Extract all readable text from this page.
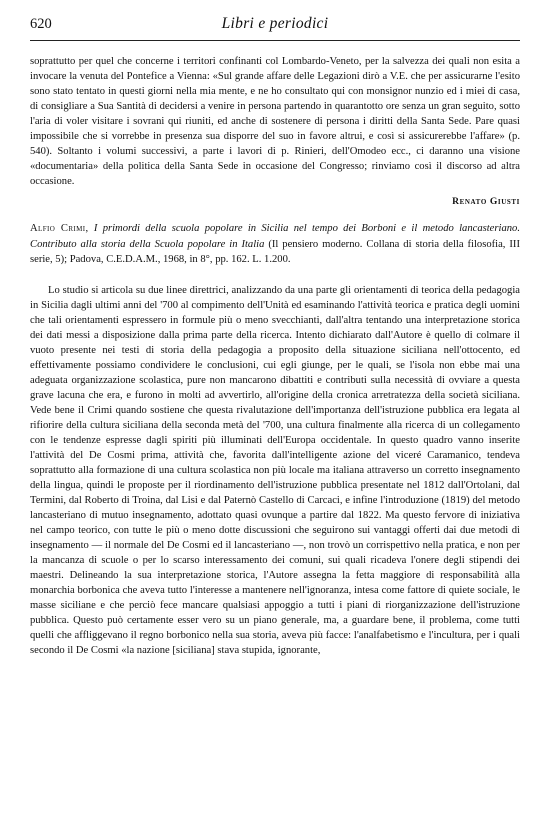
620	Libri e periodici

soprattutto per quel che concerne i territori confinanti col Lombardo-Veneto, per la salvezza dei quali non esita a invocare la venuta del Pontefice a Vienna: «Sul grande affare delle Legazioni dirò a V.E. che per assicurarne l'esito sono stato tentato in questi giorni nella mia mente, e ne ho consultato qui con monsignor nunzio ed i miei di casa, di consigliare a Sua Santità di decidersi a venire in persona partendo in quarantotto ore senza un gran seguito, sotto l'aria di voler visitare i sovrani qui riuniti, ed anche di sostenere di persona i diritti della Santa Sede. Pare quasi impossibile che si vorrebbe in presenza sua disporre del suo in favore altrui, e così si assicurerebbe l'affare» (p. 540). Soltanto i volumi successivi, a parte i lavori di p. Rinieri, dell'Omodeo ecc., ci daranno una visione «documentaria» della politica della Santa Sede in occasione del Congresso; rinviamo così il discorso ad altra occasione.

Renato Giusti
Alfio Crimi, I primordi della scuola popolare in Sicilia nel tempo dei Borboni e il metodo lancasteriano. Contributo alla storia della Scuola popolare in Italia (Il pensiero moderno. Collana di storia della filosofia, III serie, 5); Padova, C.E.D.A.M., 1968, in 8°, pp. 162. L. 1.200.

Lo studio si articola su due linee direttrici, analizzando da una parte gli orientamenti di teorica della pedagogia in Sicilia dagli ultimi anni del '700 al compimento dell'Unità ed esaminando l'attività teorica e pratica degli uomini che tali orientamenti espressero in formule più o meno svecchianti, dall'altra tentando una interpretazione storica dei dati messi a disposizione dalla prima parte della ricerca. Intento dichiarato dall'Autore è quello di colmare il vuoto presente nei testi di storia della pedagogia a proposito della situazione siciliana nell'ottocento, ed effettivamente possiamo condividere le conclusioni, cui egli giunge, per le quali, se l'isola non ebbe mai una adeguata organizzazione scolastica, pure non mancarono dibattiti e contributi sulla necessità di ovviare a questa grave lacuna che era, e furono in molti ad avvertirlo, all'origine della cronica arretratezza della società siciliana. Vede bene il Crimi quando sostiene che questa rivalutazione dell'importanza dell'istruzione pubblica era legata al rifiorire della cultura siciliana della seconda metà del '700, una cultura finalmente alla ricerca di un collegamento con le tendenze espresse dagli spiriti più illuminati dell'Europa occidentale. In questo quadro vanno inserite l'attività del De Cosmi prima, attività che, favorita dall'intelligente azione del viceré Caramanico, tendeva soprattutto alla formazione di una cultura scolastica non più locale ma italiana attraverso un corretto insegnamento della lingua, quindi le proposte per il riordinamento dell'istruzione pubblica presentate nel 1812 dall'Ortolani, dal Termini, dal Roberto di Troina, dal Lisi e dal Paternò Castello di Carcaci, e infine l'introduzione (1819) del metodo lancasteriano di mutuo insegnamento, adottato quasi ovunque a partire dal 1822. Ma questo fervore di iniziativa nel campo teorico, con tutte le più o meno dotte discussioni che seguirono sui vantaggi offerti dai due metodi di insegnamento — il normale del De Cosmi ed il lancasteriano —, non trovò un corrispettivo nella pratica, e non per la mancanza di scuole o per lo scarso interessamento dei comuni, sui quali ricadeva l'onere degli stipendi dei maestri. Delineando la sua interpretazione storica, l'Autore assegna la fetta maggiore di responsabilità alla monarchia borbonica che aveva tutto l'interesse a mantenere nell'ignoranza, intesa come fattore di quiete sociale, le masse siciliane e che perciò fece mancare qualsiasi appoggio a tutti i piani di riorganizzazione dell'istruzione pubblica. Questo può certamente esser vero su un piano generale, ma, a guardare bene, il problema, come tutti quelli che affliggevano il regno borbonico nella sua storia, aveva più facce: l'analfabetismo e l'incultura, per i quali secondo il De Cosmi «la nazione [siciliana] stava stupida, ignorante,
